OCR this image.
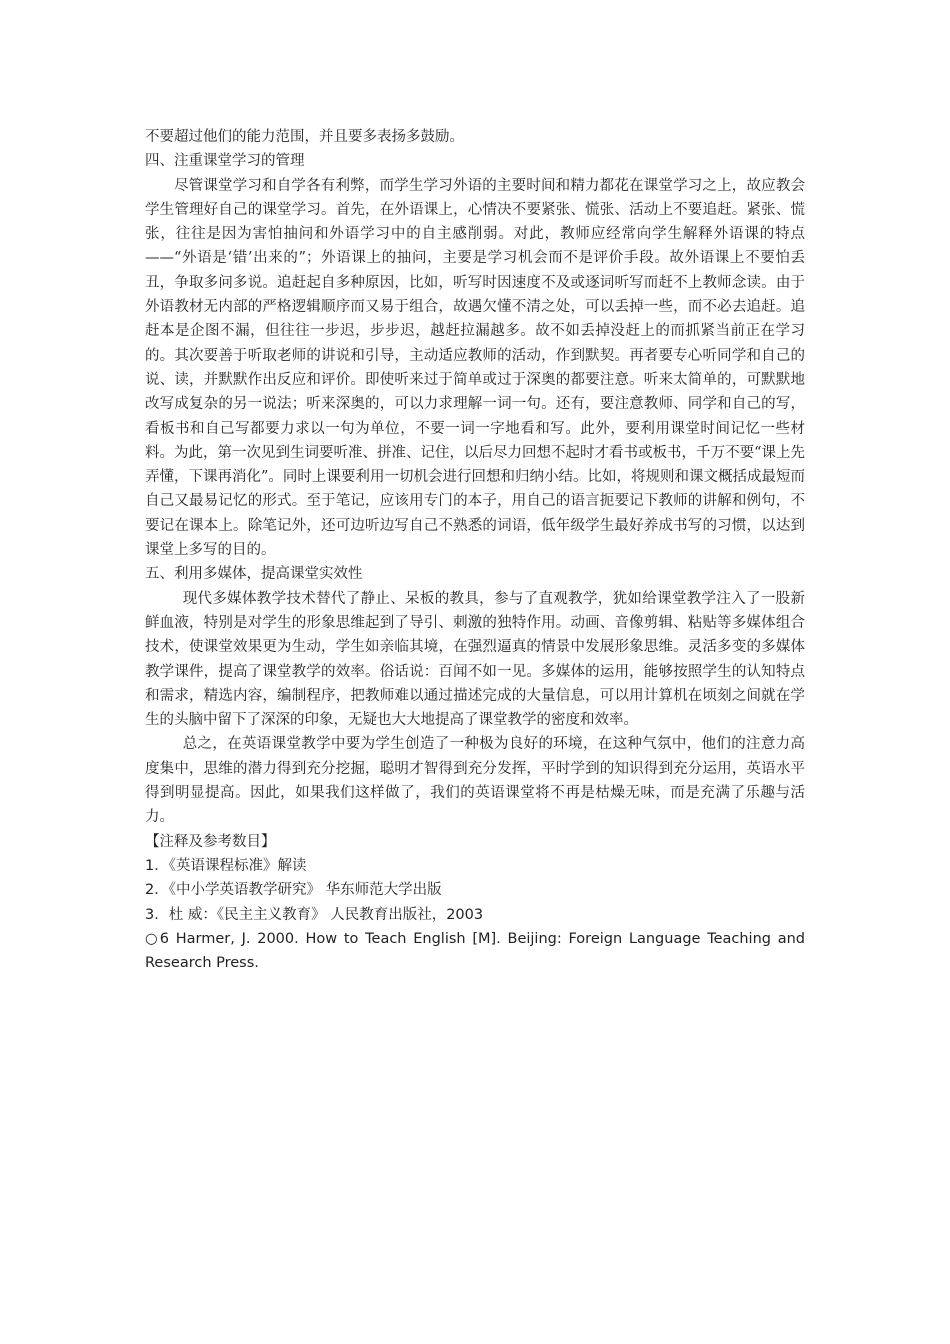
不要超过他们的能力范围，并且要多表扬多鼓励。

四、注重课堂学习的管理

尽管课堂学习和自学各有利弊，而学生学习外语的主要时间和精力都花在课堂学习之上，故应教会学生管理好自己的课堂学习。首先，在外语课上，心情决不要紧张、慌张、活动上不要追赶。紧张、慌张，往往是因为害怕抽问和外语学习中的自主感削弱。对此，教师应经常向学生解释外语课的特点——“外语是‘错’出来的”；外语课上的抽问，主要是学习机会而不是评价手段。故外语课上不要怕丢丑，争取多问多说。追赶起自多种原因，比如，听写时因速度不及或逐词听写而赶不上教师念读。由于外语教材无内部的严格逻辑顺序而又易于组合，故遇欠懂不清之处，可以丢掉一些，而不必去追赶。追赶本是企图不漏，但往往一步迟，步步迟，越赶拉漏越多。故不如丢掉没赶上的而抓紧当前正在学习的。其次要善于听取老师的讲说和引导，主动适应教师的活动，作到默契。再者要专心听同学和自己的说、读，并默默作出反应和评价。即使听来过于简单或过于深奥的都要注意。听来太简单的，可默默地改写成复杂的另一说法；听来深奥的，可以力求理解一词一句。还有，要注意教师、同学和自己的写，看板书和自己写都要力求以一句为单位，不要一词一字地看和写。此外，要利用课堂时间记忆一些材料。为此，第一次见到生词要听准、拼准、记住，以后尽力回想不起时才看书或板书，千万不要“课上先弄懂，下课再消化”。同时上课要利用一切机会进行回想和归纳小结。比如，将规则和课文概括成最短而自己又最易记忆的形式。至于笔记，应该用专门的本子，用自己的语言扼要记下教师的讲解和例句，不要记在课本上。除笔记外，还可边听边写自己不熟悉的词语，低年级学生最好养成书写的习惯，以达到课堂上多写的目的。

五、利用多媒体，提高课堂实效性

现代多媒体教学技术替代了静止、呆板的教具，参与了直观教学，犹如给课堂教学注入了一股新鲜血液，特别是对学生的形象思维起到了导引、刺激的独特作用。动画、音像剪辑、粘贴等多媒体组合技术，使课堂效果更为生动，学生如亲临其境，在强烈逼真的情景中发展形象思维。灵活多变的多媒体教学课件，提高了课堂教学的效率。俗话说：百闻不如一见。多媒体的运用，能够按照学生的认知特点和需求，精选内容，编制程序，把教师难以通过描述完成的大量信息，可以用计算机在顷刻之间就在学生的头脑中留下了深深的印象，无疑也大大地提高了课堂教学的密度和效率。

总之，在英语课堂教学中要为学生创造了一种极为良好的环境，在这种气氛中，他们的注意力高度集中，思维的潜力得到充分挖掘，聪明才智得到充分发挥，平时学到的知识得到充分运用，英语水平得到明显提高。因此，如果我们这样做了，我们的英语课堂将不再是枯燥无味，而是充满了乐趣与活力。

【注释及参考数目】

1．《英语课程标准》解读

2．《中小学英语教学研究》 华东师范大学出版

3．杜 威：《民主主义教育》 人民教育出版社，2003

○6 Harmer, J. 2000. How to Teach English [M]. Beijing: Foreign Language Teaching and Research Press.
